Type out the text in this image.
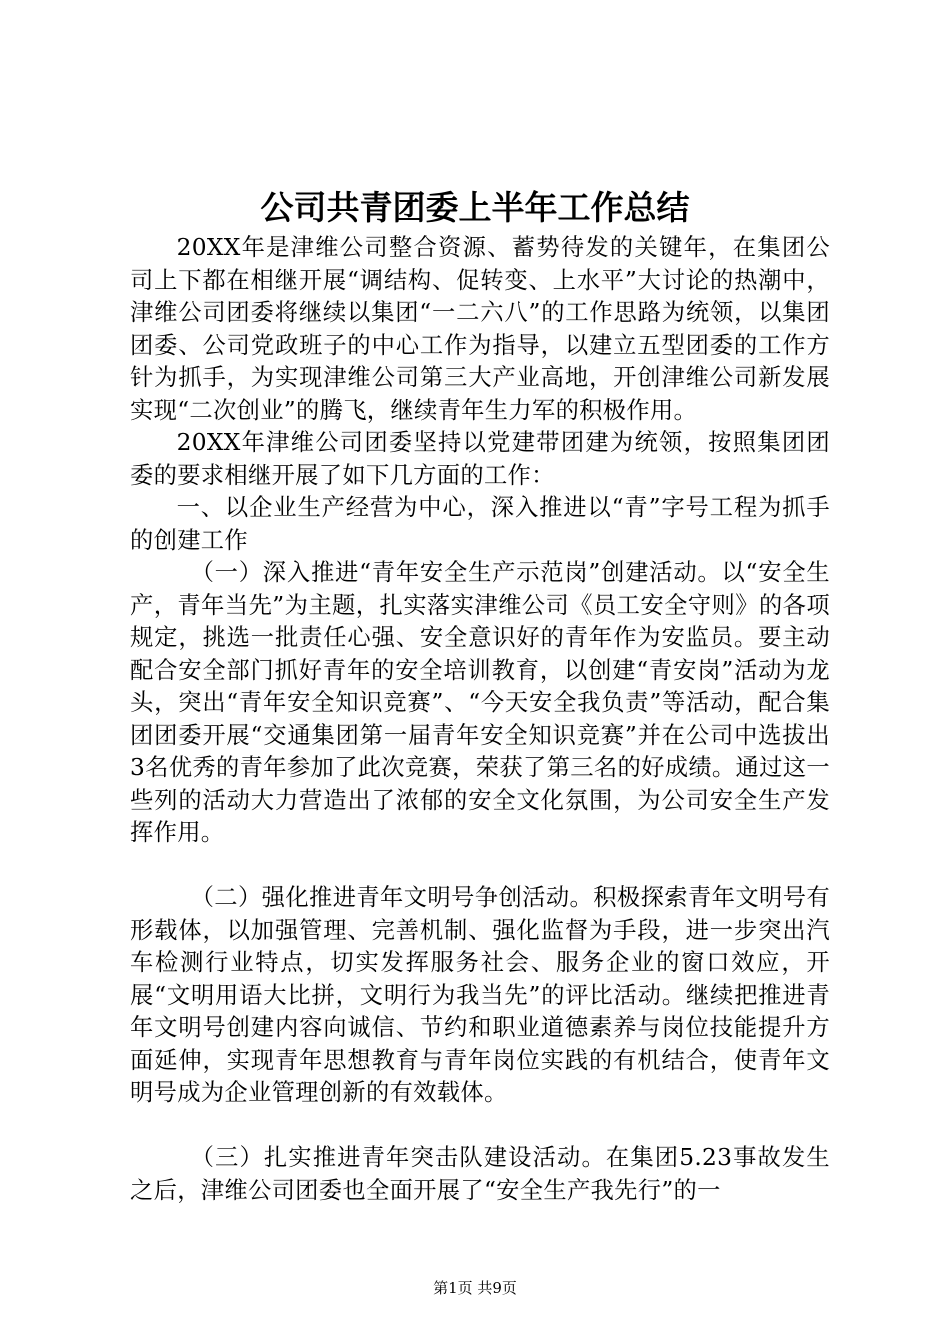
公司共青团委上半年工作总结

20XX年是津维公司整合资源、蓄势待发的关键年，在集团公司上下都在相继开展“调结构、促转变、上水平”大讨论的热潮中，津维公司团委将继续以集团“一二六八”的工作思路为统领，以集团团委、公司党政班子的中心工作为指导，以建立五型团委的工作方针为抓手，为实现津维公司第三大产业高地，开创津维公司新发展实现“二次创业”的腾飞，继续青年生力军的积极作用。

20XX年津维公司团委坚持以党建带团建为统领，按照集团团委的要求相继开展了如下几方面的工作：

一、以企业生产经营为中心，深入推进以“青”字号工程为抓手的创建工作

（一）深入推进“青年安全生产示范岗”创建活动。以“安全生产，青年当先”为主题，扎实落实津维公司《员工安全守则》的各项规定，挑选一批责任心强、安全意识好的青年作为安监员。要主动配合安全部门抓好青年的安全培训教育，以创建“青安岗”活动为龙头，突出“青年安全知识竞赛”、“今天安全我负责”等活动，配合集团团委开展“交通集团第一届青年安全知识竞赛”并在公司中选拔出3名优秀的青年参加了此次竞赛，荣获了第三名的好成绩。通过这一些列的活动大力营造出了浓郁的安全文化氛围，为公司安全生产发挥作用。

（二）强化推进青年文明号争创活动。积极探索青年文明号有形载体，以加强管理、完善机制、强化监督为手段，进一步突出汽车检测行业特点，切实发挥服务社会、服务企业的窗口效应，开展“文明用语大比拼，文明行为我当先”的评比活动。继续把推进青年文明号创建内容向诚信、节约和职业道德素养与岗位技能提升方面延伸，实现青年思想教育与青年岗位实践的有机结合，使青年文明号成为企业管理创新的有效载体。

（三）扎实推进青年突击队建设活动。在集团5.23事故发生之后，津维公司团委也全面开展了“安全生产我先行”的一

第1页 共9页
